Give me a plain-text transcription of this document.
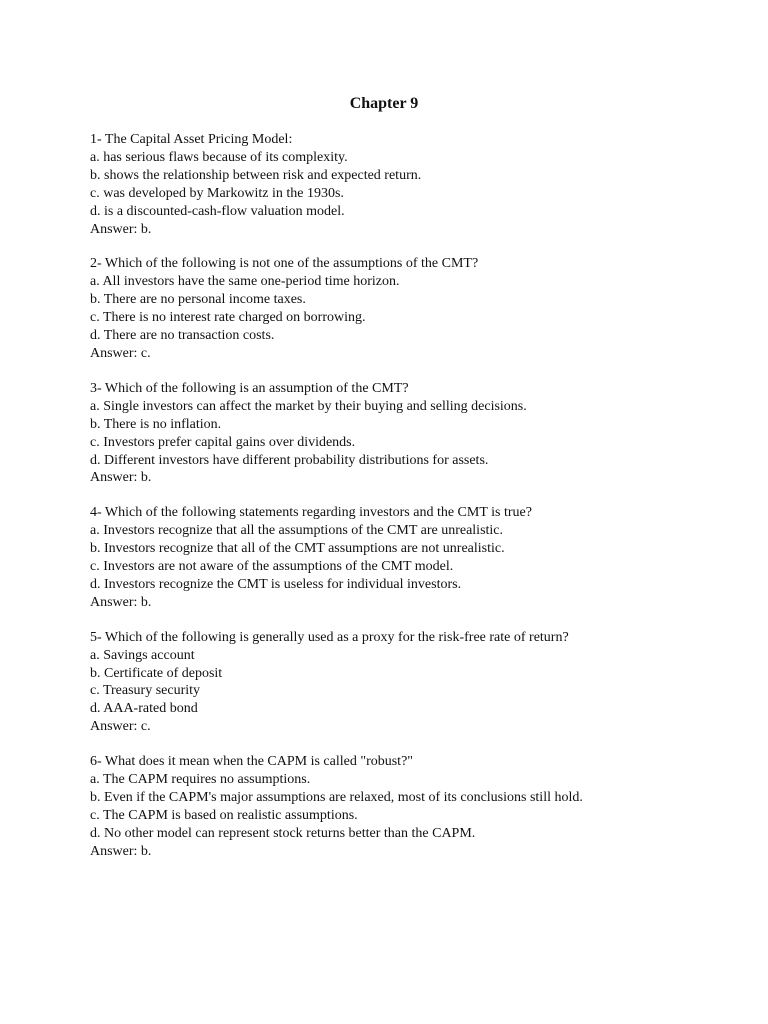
Chapter 9
1- The Capital Asset Pricing Model:
a. has serious flaws because of its complexity.
b. shows the relationship between risk and expected return.
c. was developed by Markowitz in the 1930s.
d. is a discounted-cash-flow valuation model.
Answer: b.
2- Which of the following is not one of the assumptions of the CMT?
a. All investors have the same one-period time horizon.
b. There are no personal income taxes.
c. There is no interest rate charged on borrowing.
d. There are no transaction costs.
Answer: c.
3- Which of the following is an assumption of the CMT?
a. Single investors can affect the market by their buying and selling decisions.
b. There is no inflation.
c. Investors prefer capital gains over dividends.
d. Different investors have different probability distributions for assets.
Answer: b.
4- Which of the following statements regarding investors and the CMT is true?
a. Investors recognize that all the assumptions of the CMT are unrealistic.
b. Investors recognize that all of the CMT assumptions are not unrealistic.
c. Investors are not aware of the assumptions of the CMT model.
d. Investors recognize the CMT is useless for individual investors.
Answer: b.
5- Which of the following is generally used as a proxy for the risk-free rate of return?
a. Savings account
b. Certificate of deposit
c. Treasury security
d. AAA-rated bond
Answer: c.
6- What does it mean when the CAPM is called "robust?"
a. The CAPM requires no assumptions.
b. Even if the CAPM's major assumptions are relaxed, most of its conclusions still hold.
c. The CAPM is based on realistic assumptions.
d. No other model can represent stock returns better than the CAPM.
Answer: b.
